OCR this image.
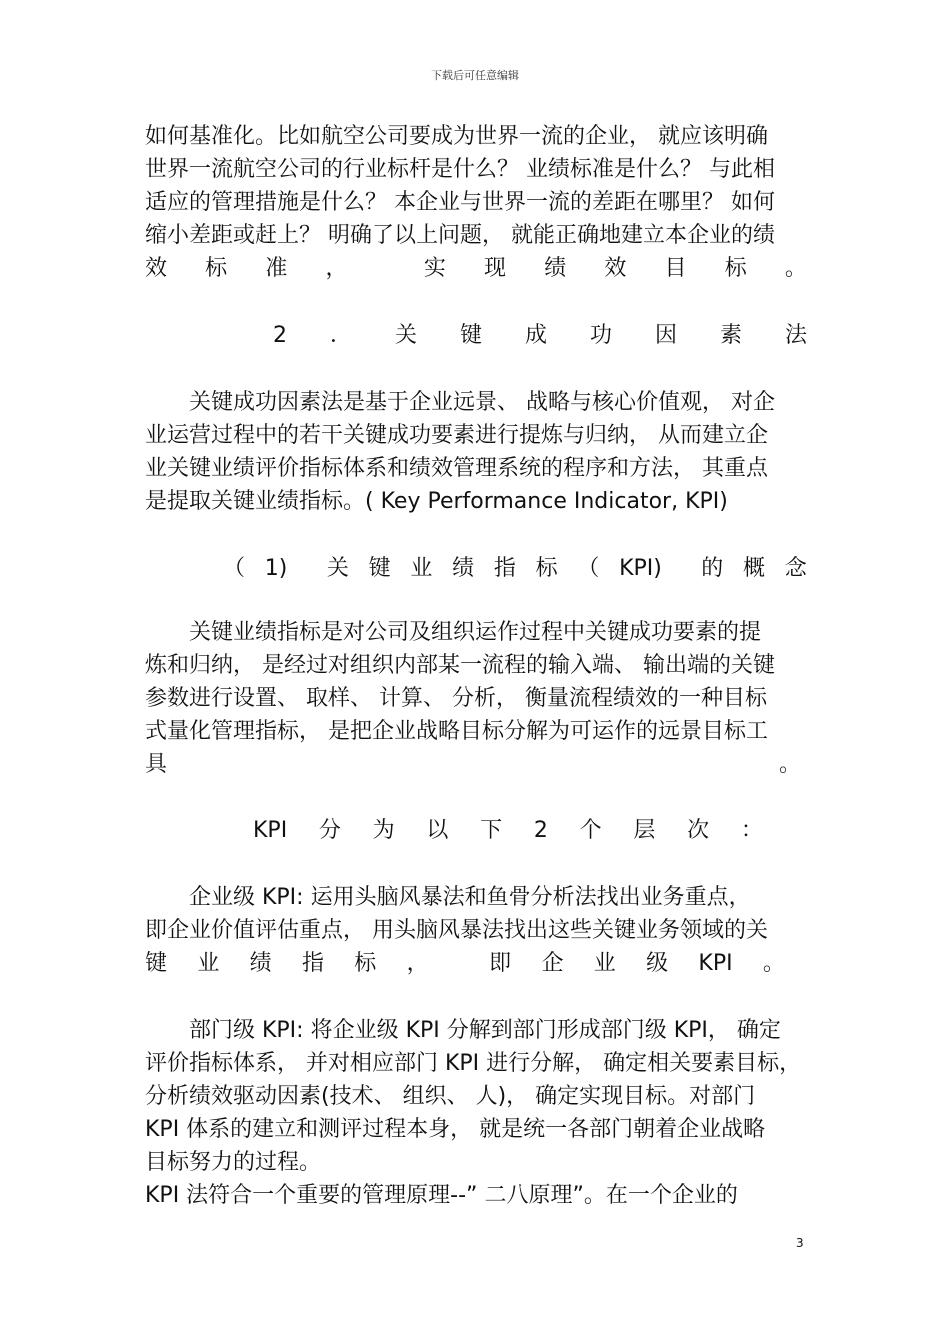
下载后可任意编辑
如何基准化。比如航空公司要成为世界一流的企业， 就应该明确
世界一流航空公司的行业标杆是什么？ 业绩标准是什么？ 与此相
适应的管理措施是什么？ 本企业与世界一流的差距在哪里？ 如何
缩小差距或赶上？ 明确了以上问题， 就能正确地建立本企业的绩
效 标 准 ，	实 现 绩 效 目 标 。
2 ． 关 键 成 功 因 素 法
关键成功因素法是基于企业远景、 战略与核心价值观， 对企
业运营过程中的若干关键成功要素进行提炼与归纳， 从而建立企
业关键业绩评价指标体系和绩效管理系统的程序和方法， 其重点
是提取关键业绩指标。( Key Performance Indicator, KPI)
（ 1) 关 键 业 绩 指 标 （ KPI) 的 概 念
关键业绩指标是对公司及组织运作过程中关键成功要素的提
炼和归纳， 是经过对组织内部某一流程的输入端、 输出端的关键
参数进行设置、 取样、 计算、 分析， 衡量流程绩效的一种目标
式量化管理指标， 是把企业战略目标分解为可运作的远景目标工
具	。
KPI 分 为 以 下 2 个 层 次 ：
企业级 KPI: 运用头脑风暴法和鱼骨分析法找出业务重点，
即企业价值评估重点， 用头脑风暴法找出这些关键业务领域的关
键 业 绩 指 标 ，	即 企 业 级 KPI 。
部门级 KPI: 将企业级 KPI 分解到部门形成部门级 KPI， 确定
评价指标体系， 并对相应部门 KPI 进行分解， 确定相关要素目标，
分析绩效驱动因素(技术、 组织、 人)， 确定实现目标。对部门
KPI 体系的建立和测评过程本身， 就是统一各部门朝着企业战略
目标努力的过程。
KPI 法符合一个重要的管理原理--” 二八原理”。在一个企业的
3
